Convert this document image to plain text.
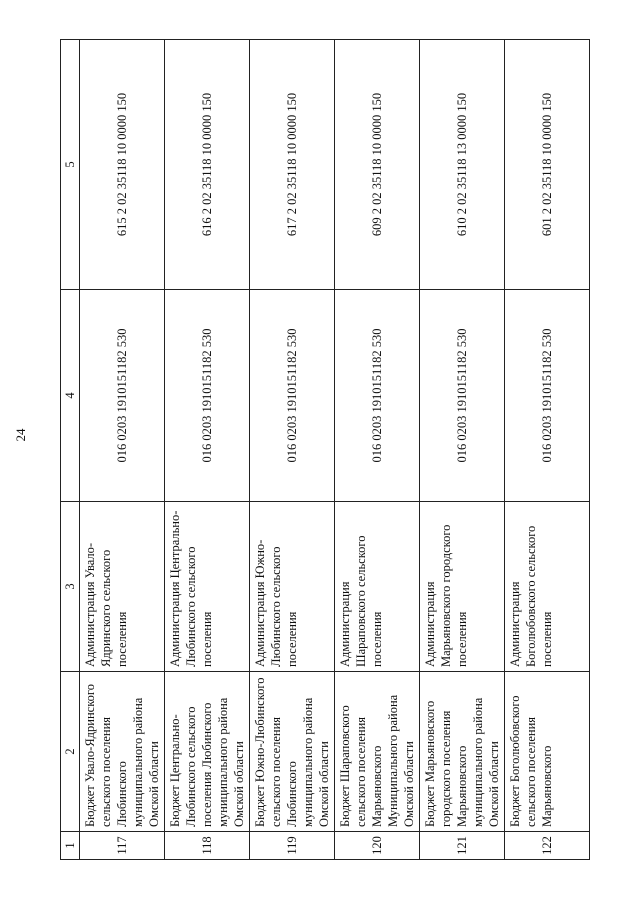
24
1	2	3	4	5
117	Бюджет Увало-Ядринского сельского поселения Любинского муниципального района Омской области	Администрация Увало-Ядринского сельского поселения	016 0203 1910151182 530	615 2 02 35118 10 0000 150
118	Бюджет Центрально-Любинского сельского поселения Любинского муниципального района Омской области	Администрация Центрально-Любинского сельского поселения	016 0203 1910151182 530	616 2 02 35118 10 0000 150
119	Бюджет Южно-Любинского сельского поселения Любинского муниципального района Омской области	Администрация Южно-Любинского сельского поселения	016 0203 1910151182 530	617 2 02 35118 10 0000 150
120	Бюджет Шараповского сельского поселения Марьяновского Муниципального района Омской области	Администрация Шараповского сельского поселения	016 0203 1910151182 530	609 2 02 35118 10 0000 150
121	Бюджет Марьяновского городского поселения Марьяновского муниципального района Омской области	Администрация Марьяновского городского поселения	016 0203 1910151182 530	610 2 02 35118 13 0000 150
122	Бюджет Боголюбовского сельского поселения Марьяновского	Администрация Боголюбовского сельского поселения	016 0203 1910151182 530	601 2 02 35118 10 0000 150
